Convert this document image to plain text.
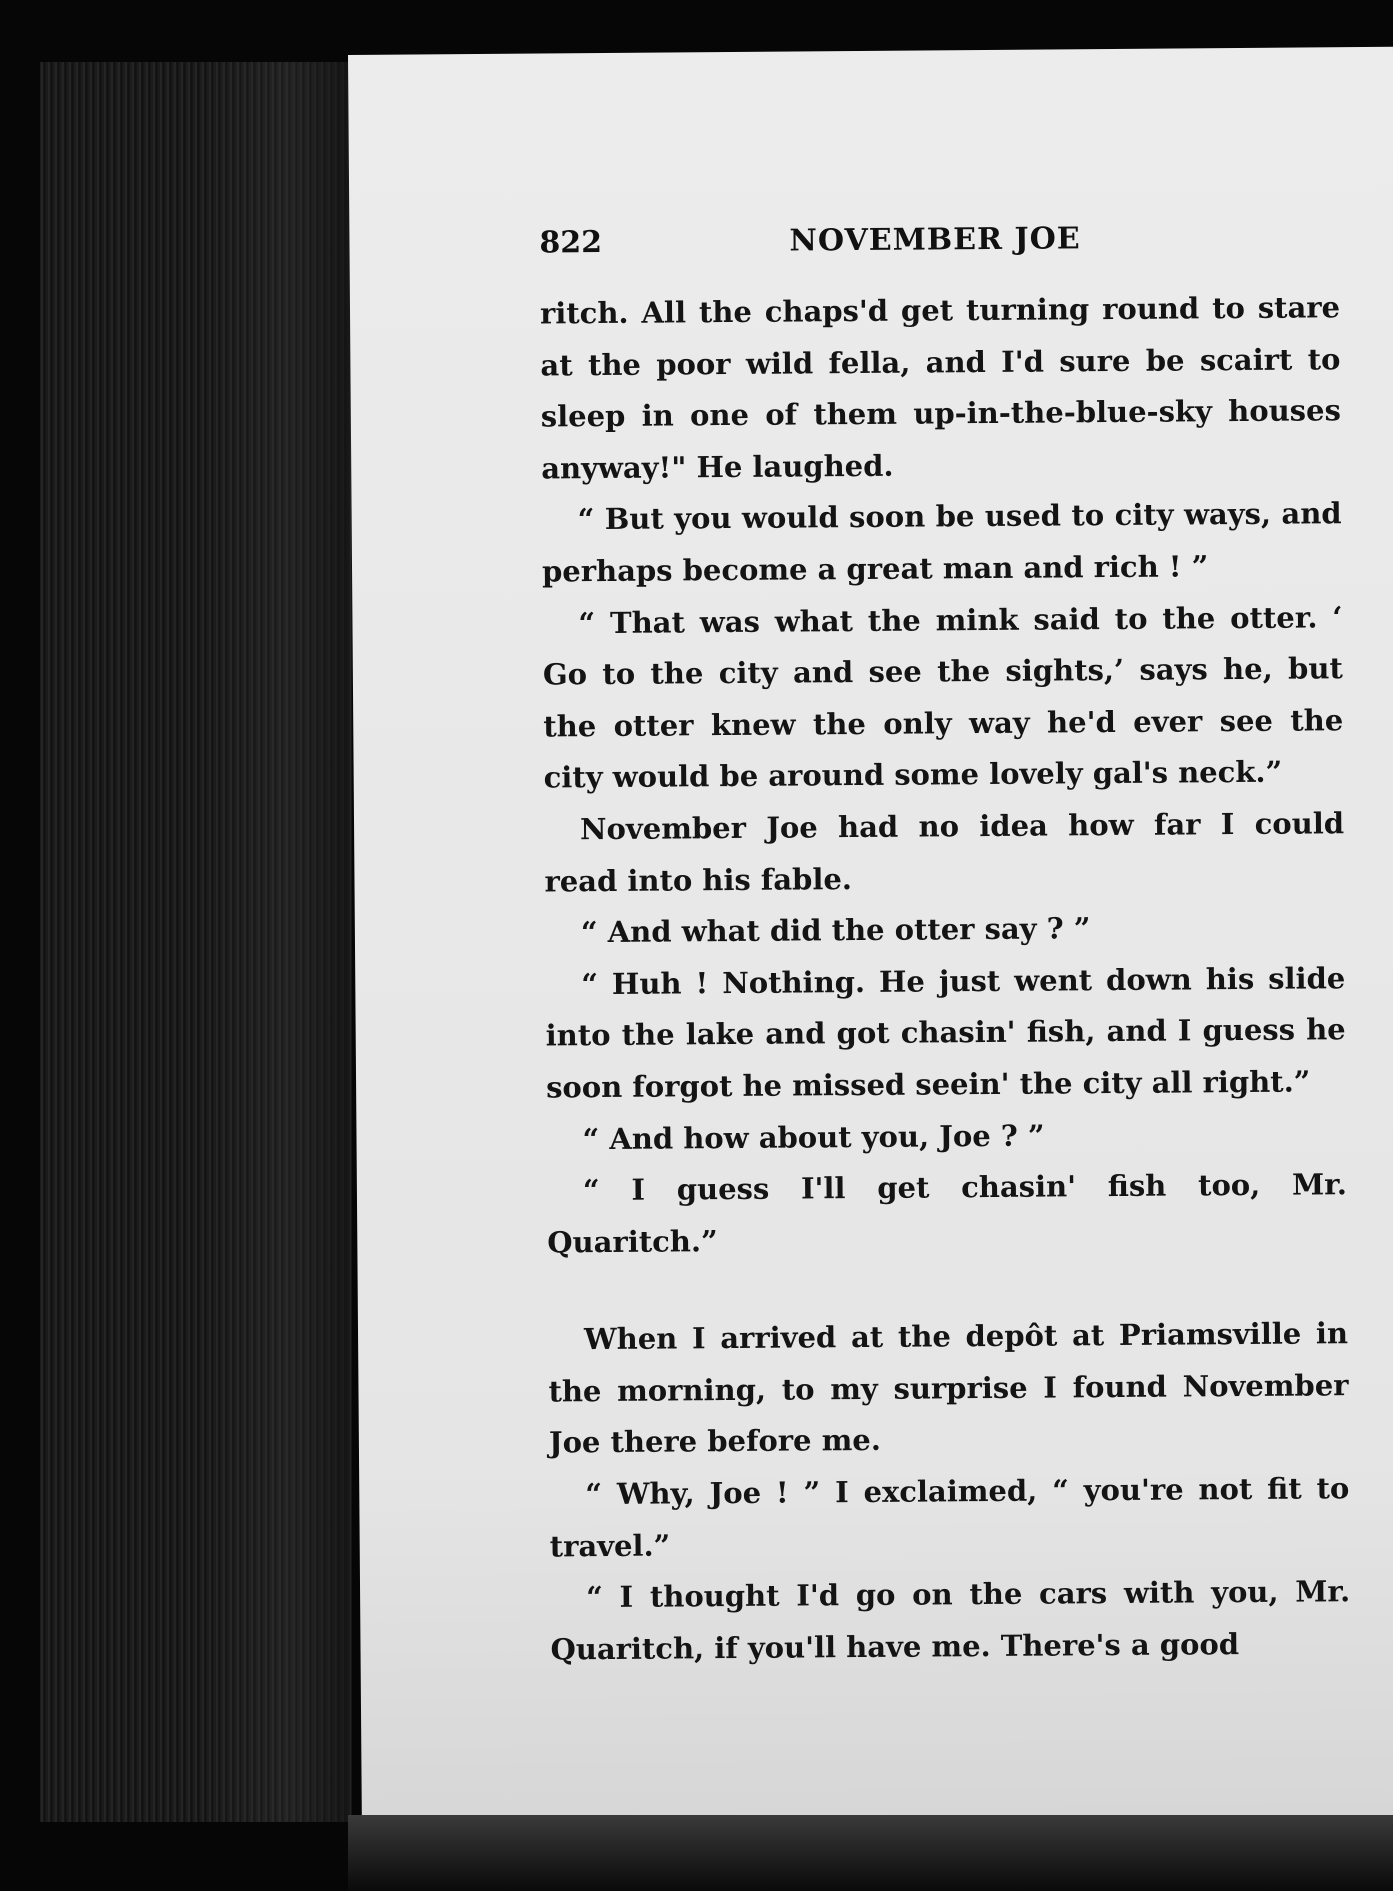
822	NOVEMBER JOE

ritch. All the chaps'd get turning round to stare at the poor wild fella, and I'd sure be scairt to sleep in one of them up-in-the-blue-sky houses anyway!" He laughed.

“ But you would soon be used to city ways, and perhaps become a great man and rich ! ”

“ That was what the mink said to the otter. ‘ Go to the city and see the sights,’ says he, but the otter knew the only way he'd ever see the city would be around some lovely gal's neck.”

November Joe had no idea how far I could read into his fable.

“ And what did the otter say ? ”

“ Huh ! Nothing. He just went down his slide into the lake and got chasin' fish, and I guess he soon forgot he missed seein' the city all right.”

“ And how about you, Joe ? ”

“ I guess I'll get chasin' fish too, Mr. Quaritch.”

When I arrived at the depôt at Priamsville in the morning, to my surprise I found November Joe there before me.

“ Why, Joe ! ” I exclaimed, “ you're not fit to travel.”

“ I thought I'd go on the cars with you, Mr. Quaritch, if you'll have me. There's a good
